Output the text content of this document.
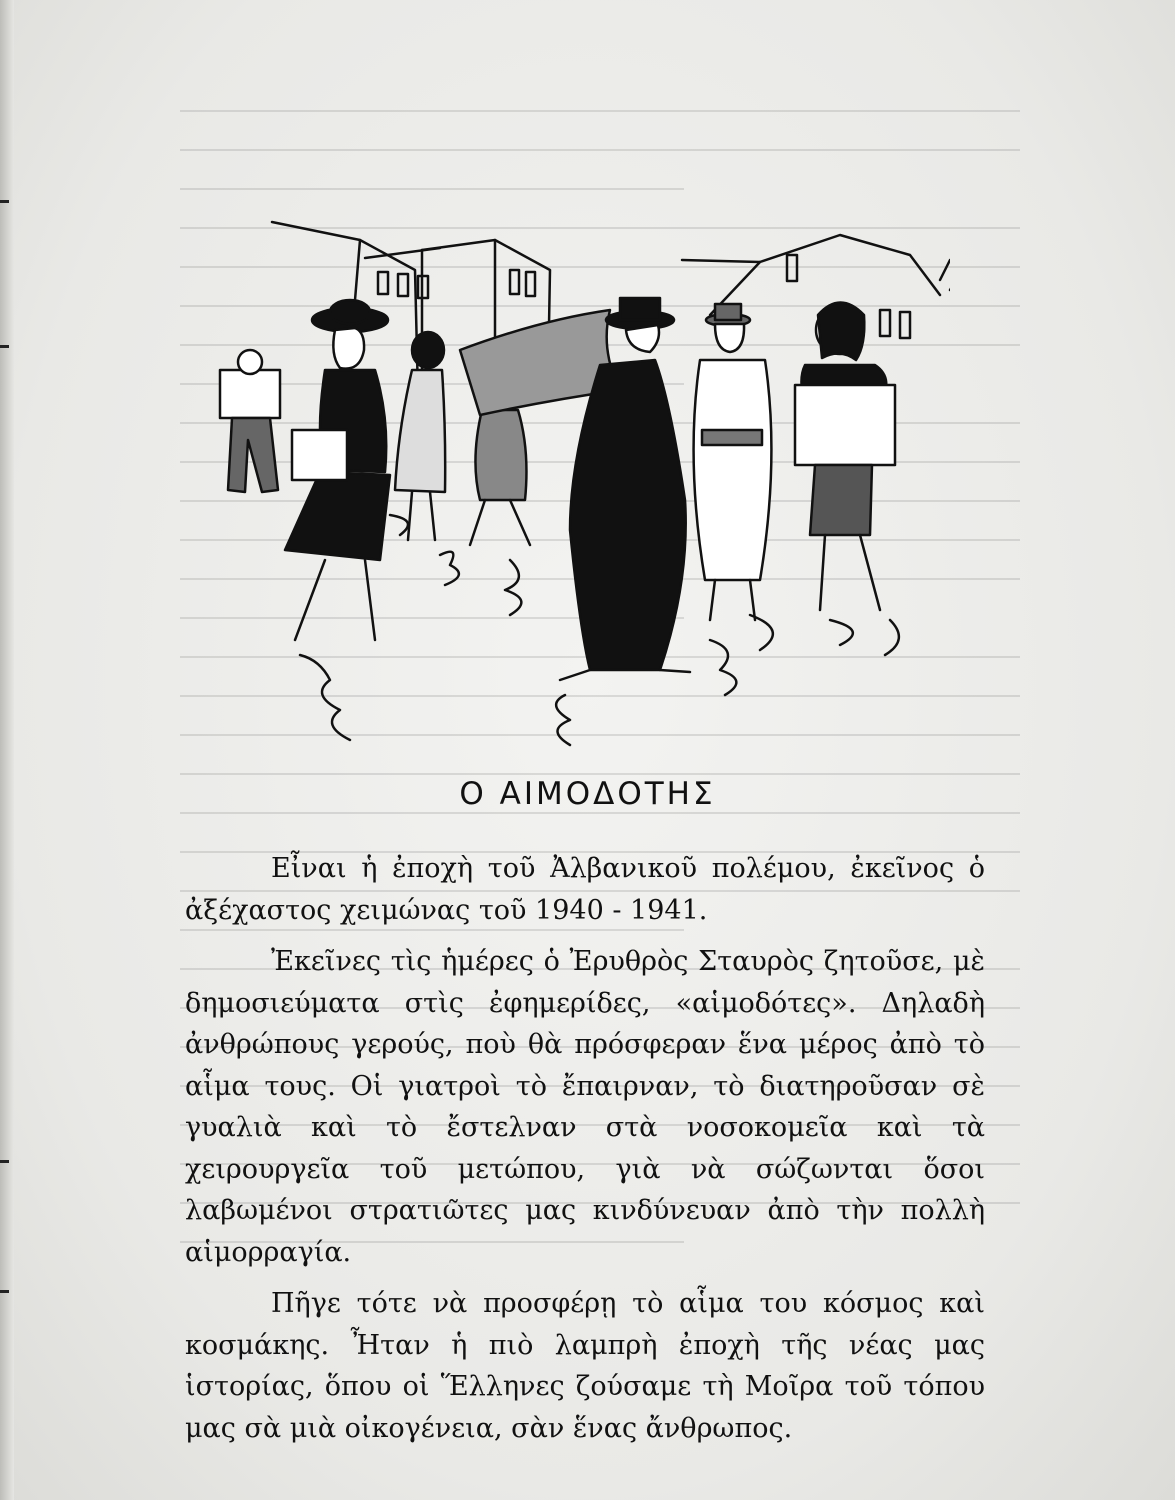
Ο ΑΙΜΟΔΟΤΗΣ

Εἶναι ἡ ἐποχὴ τοῦ Ἀλβανικοῦ πολέμου, ἐκεῖνος ὁ ἀξέχαστος χειμώνας τοῦ 1940 - 1941.

Ἐκεῖνες τὶς ἡμέρες ὁ Ἐρυθρὸς Σταυρὸς ζητοῦσε, μὲ δημοσιεύματα στὶς ἐφημερίδες, «αἱμοδότες». Δηλαδὴ ἀνθρώπους γερούς, ποὺ θὰ πρόσφεραν ἕνα μέρος ἀπὸ τὸ αἷμα τους. Οἱ γιατροὶ τὸ ἔπαιρναν, τὸ διατηροῦσαν σὲ γυαλιὰ καὶ τὸ ἔστελναν στὰ νοσοκομεῖα καὶ τὰ χειρουργεῖα τοῦ μετώπου, γιὰ νὰ σώζωνται ὅσοι λαβωμένοι στρατιῶτες μας κινδύνευαν ἀπὸ τὴν πολλὴ αἱμορραγία.

Πῆγε τότε νὰ προσφέρῃ τὸ αἷμα του κόσμος καὶ κοσμάκης. Ἦταν ἡ πιὸ λαμπρὴ ἐποχὴ τῆς νέας μας ἱστορίας, ὅπου οἱ Ἕλληνες ζούσαμε τὴ Μοῖρα τοῦ τόπου μας σὰ μιὰ οἰκογένεια, σὰν ἕνας ἄνθρωπος.
